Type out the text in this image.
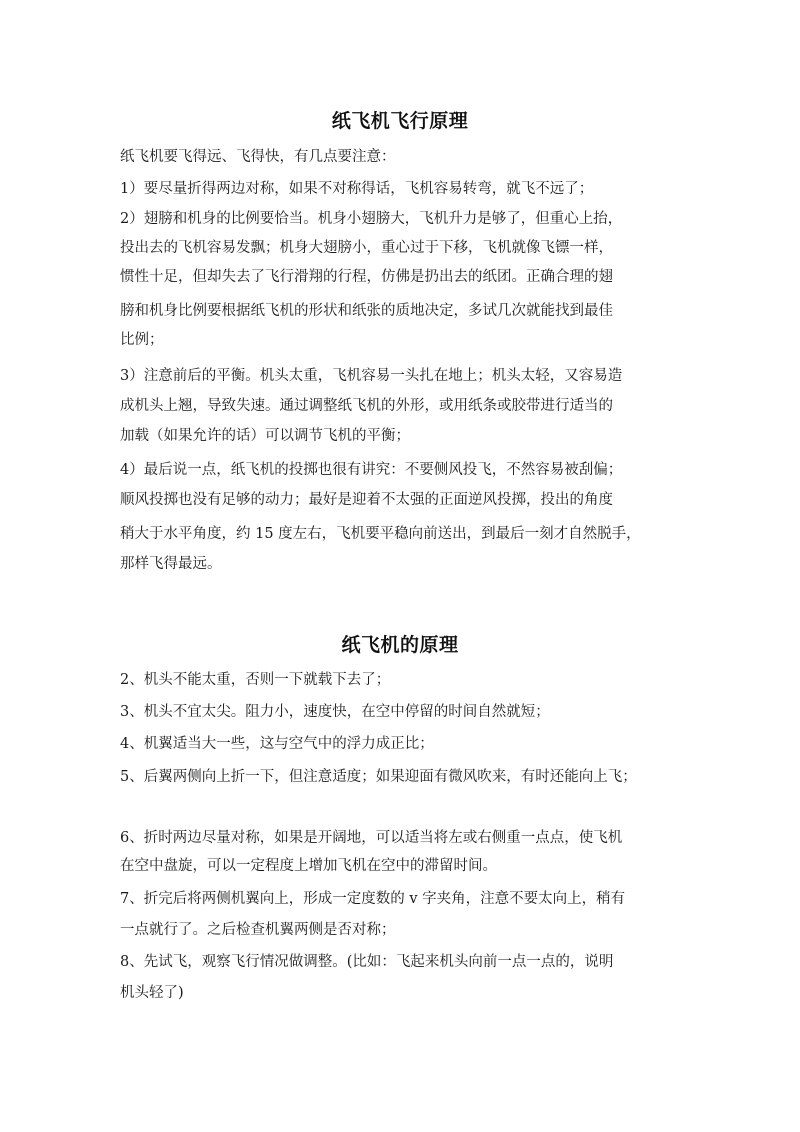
纸飞机飞行原理
纸飞机要飞得远、飞得快，有几点要注意：
1）要尽量折得两边对称，如果不对称得话，飞机容易转弯，就飞不远了；
2）翅膀和机身的比例要恰当。机身小翅膀大，飞机升力是够了，但重心上抬，
投出去的飞机容易发飘；机身大翅膀小，重心过于下移，飞机就像飞镖一样，
惯性十足，但却失去了飞行滑翔的行程，仿佛是扔出去的纸团。正确合理的翅
膀和机身比例要根据纸飞机的形状和纸张的质地决定，多试几次就能找到最佳
比例；
3）注意前后的平衡。机头太重，飞机容易一头扎在地上；机头太轻，又容易造
成机头上翘，导致失速。通过调整纸飞机的外形，或用纸条或胶带进行适当的
加载（如果允许的话）可以调节飞机的平衡；
4）最后说一点，纸飞机的投掷也很有讲究：不要侧风投飞，不然容易被刮偏；
顺风投掷也没有足够的动力；最好是迎着不太强的正面逆风投掷，投出的角度
稍大于水平角度，约 15 度左右，飞机要平稳向前送出，到最后一刻才自然脱手，
那样飞得最远。
纸飞机的原理
2、机头不能太重，否则一下就载下去了；
3、机头不宜太尖。阻力小，速度快，在空中停留的时间自然就短；
4、机翼适当大一些，这与空气中的浮力成正比；
5、后翼两侧向上折一下，但注意适度；如果迎面有微风吹来，有时还能向上飞；
6、折时两边尽量对称，如果是开阔地，可以适当将左或右侧重一点点，使飞机
在空中盘旋，可以一定程度上增加飞机在空中的滞留时间。
7、折完后将两侧机翼向上，形成一定度数的 v 字夹角，注意不要太向上，稍有
一点就行了。之后检查机翼两侧是否对称；
8、先试飞，观察飞行情况做调整。(比如：飞起来机头向前一点一点的，说明
机头轻了)
